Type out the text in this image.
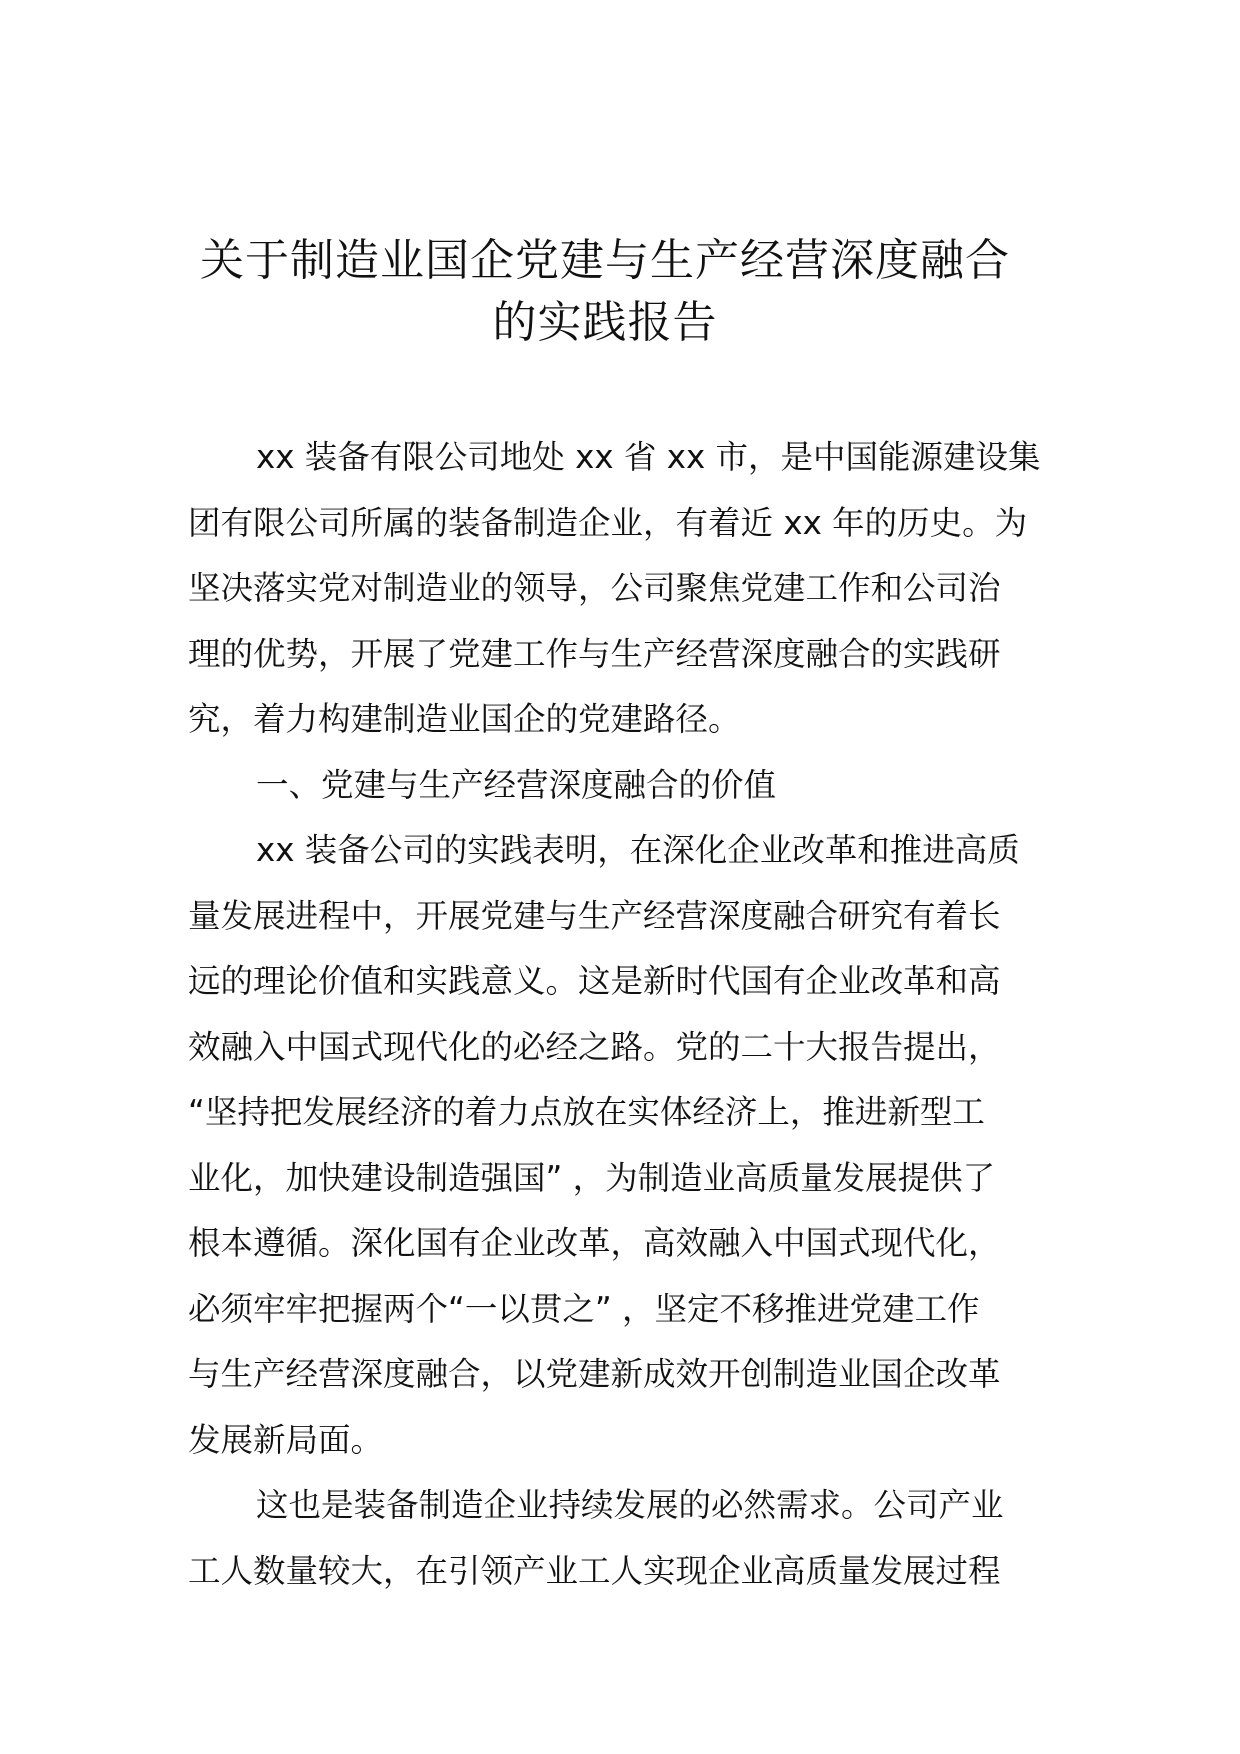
关于制造业国企党建与生产经营深度融合
的实践报告
xx 装备有限公司地处 xx 省 xx 市，是中国能源建设集
团有限公司所属的装备制造企业，有着近 xx 年的历史。为
坚决落实党对制造业的领导，公司聚焦党建工作和公司治
理的优势，开展了党建工作与生产经营深度融合的实践研
究，着力构建制造业国企的党建路径。
一、党建与生产经营深度融合的价值
xx 装备公司的实践表明，在深化企业改革和推进高质
量发展进程中，开展党建与生产经营深度融合研究有着长
远的理论价值和实践意义。这是新时代国有企业改革和高
效融入中国式现代化的必经之路。党的二十大报告提出，
“坚持把发展经济的着力点放在实体经济上，推进新型工
业化，加快建设制造强国” ，为制造业高质量发展提供了
根本遵循。深化国有企业改革，高效融入中国式现代化，
必须牢牢把握两个“一以贯之” ，坚定不移推进党建工作
与生产经营深度融合，以党建新成效开创制造业国企改革
发展新局面。
这也是装备制造企业持续发展的必然需求。公司产业
工人数量较大，在引领产业工人实现企业高质量发展过程
